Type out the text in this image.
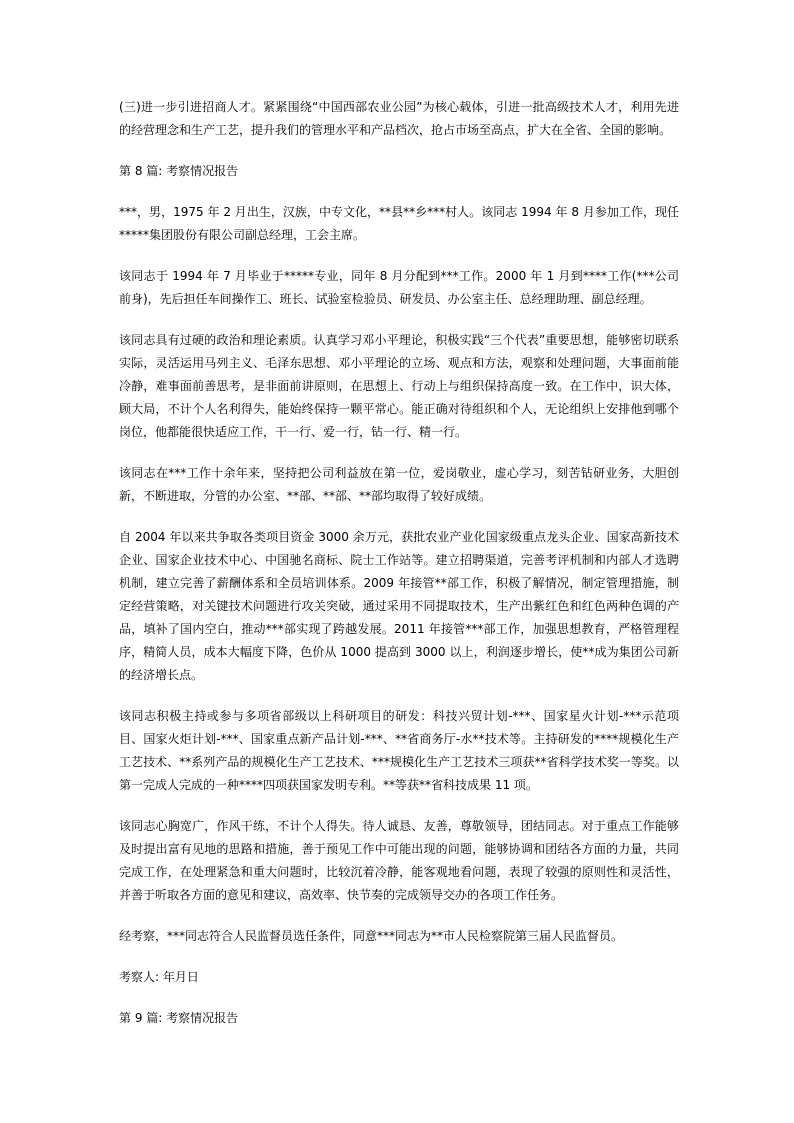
(三)进一步引进招商人才。紧紧围绕“中国西部农业公园”为核心载体，引进一批高级技术人才，利用先进的经营理念和生产工艺，提升我们的管理水平和产品档次，抢占市场至高点，扩大在全省、全国的影响。

第 8 篇: 考察情况报告

***，男，1975 年 2 月出生，汉族，中专文化，**县**乡***村人。该同志 1994 年 8 月参加工作，现任*****集团股份有限公司副总经理，工会主席。

该同志于 1994 年 7 月毕业于*****专业，同年 8 月分配到***工作。2000 年 1 月到****工作(***公司前身)，先后担任车间操作工、班长、试验室检验员、研发员、办公室主任、总经理助理、副总经理。

该同志具有过硬的政治和理论素质。认真学习邓小平理论，积极实践“三个代表”重要思想，能够密切联系实际，灵活运用马列主义、毛泽东思想、邓小平理论的立场、观点和方法，观察和处理问题，大事面前能冷静，难事面前善思考，是非面前讲原则，在思想上、行动上与组织保持高度一致。在工作中，识大体，顾大局，不计个人名利得失，能始终保持一颗平常心。能正确对待组织和个人，无论组织上安排他到哪个岗位，他都能很快适应工作，干一行、爱一行，钻一行、精一行。

该同志在***工作十余年来，坚持把公司利益放在第一位，爱岗敬业，虚心学习，刻苦钻研业务，大胆创新，不断进取，分管的办公室、**部、**部、**部均取得了较好成绩。

自 2004 年以来共争取各类项目资金 3000 余万元，获批农业产业化国家级重点龙头企业、国家高新技术企业、国家企业技术中心、中国驰名商标、院士工作站等。建立招聘渠道，完善考评机制和内部人才选聘机制，建立完善了薪酬体系和全员培训体系。2009 年接管**部工作，积极了解情况，制定管理措施，制定经营策略，对关键技术问题进行攻关突破，通过采用不同提取技术，生产出紫红色和红色两种色调的产品，填补了国内空白，推动***部实现了跨越发展。2011 年接管***部工作，加强思想教育，严格管理程序，精简人员，成本大幅度下降，色价从 1000 提高到 3000 以上，利润逐步增长，使**成为集团公司新的经济增长点。

该同志积极主持或参与多项省部级以上科研项目的研发：科技兴贸计划-***、国家星火计划-***示范项目、国家火炬计划-***、国家重点新产品计划-***、**省商务厅-水**技术等。主持研发的****规模化生产工艺技术、**系列产品的规模化生产工艺技术、***规模化生产工艺技术三项获**省科学技术奖一等奖。以第一完成人完成的一种****四项获国家发明专利。**等获**省科技成果 11 项。

该同志心胸宽广，作风干练，不计个人得失。待人诚恳、友善，尊敬领导，团结同志。对于重点工作能够及时提出富有见地的思路和措施，善于预见工作中可能出现的问题，能够协调和团结各方面的力量，共同完成工作，在处理紧急和重大问题时，比较沉着冷静，能客观地看问题，表现了较强的原则性和灵活性，并善于听取各方面的意见和建议，高效率、快节奏的完成领导交办的各项工作任务。

经考察，***同志符合人民监督员选任条件，同意***同志为**市人民检察院第三届人民监督员。

考察人: 年月日

第 9 篇: 考察情况报告
